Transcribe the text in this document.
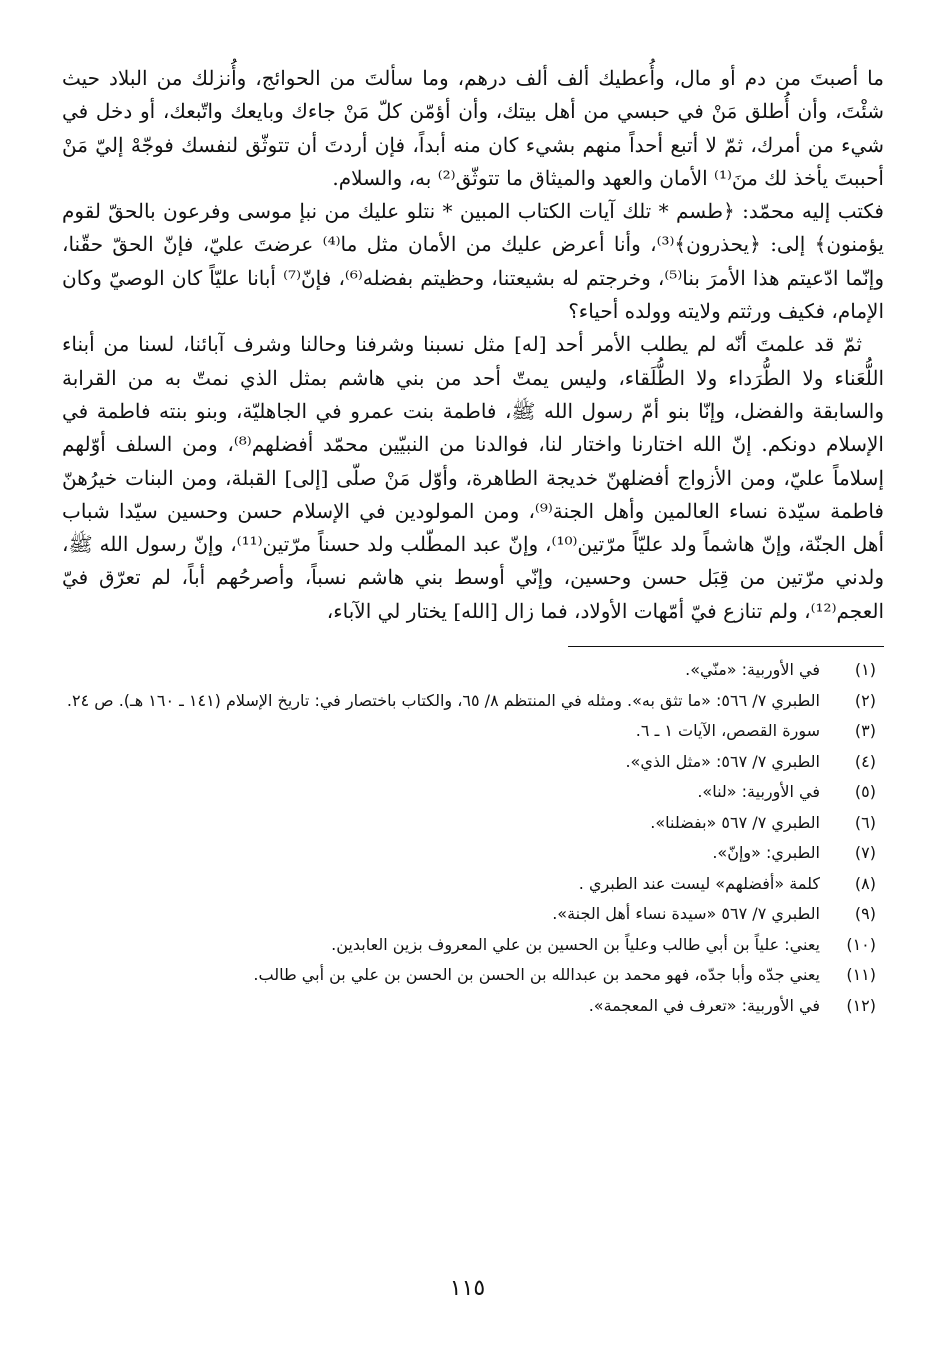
ما أصبتَ من دم أو مال، وأُعطيك ألف ألف درهم، وما سألتَ من الحوائج، وأُنزلك من البلاد حيث شئْتَ، وأن أُطلق مَنْ في حبسي من أهل بيتك، وأن أؤمّن كلّ مَنْ جاءك وبايعك واتّبعك، أو دخل في شيء من أمرك، ثمّ لا أتبع أحداً منهم بشيء كان منه أبداً، فإن أردتَ أن تتوثّق لنفسك فوجّهْ إليّ مَنْ أحببتَ يأخذ لك منَ⁽¹⁾ الأمان والعهد والميثاق ما تتوثّق⁽²⁾ به، والسلام.

فكتب إليه محمّد: ﴿طسم * تلك آيات الكتاب المبين * نتلو عليك من نبإ موسى وفرعون بالحقّ لقوم يؤمنون﴾ إلى: ﴿يحذرون﴾⁽³⁾، وأنا أعرض عليك من الأمان مثل ما⁽⁴⁾ عرضتَ عليّ، فإنّ الحقّ حقّنا، وإنّما ادّعيتم هذا الأمرَ بنا⁽⁵⁾، وخرجتم له بشيعتنا، وحظيتم بفضله⁽⁶⁾، فإنّ⁽⁷⁾ أبانا عليّاً كان الوصيّ وكان الإمام، فكيف ورثتم ولايته وولده أحياء؟

ثمّ قد علمتَ أنّه لم يطلب الأمر أحد [له] مثل نسبنا وشرفنا وحالنا وشرف آبائنا، لسنا من أبناء اللُّعَناء ولا الطُّرَداء ولا الطُّلَقاء، وليس يمتّ أحد من بني هاشم بمثل الذي نمتّ به من القرابة والسابقة والفضل، وإنّا بنو أمّ رسول الله ﷺ، فاطمة بنت عمرو في الجاهليّة، وبنو بنته فاطمة في الإسلام دونكم. إنّ الله اختارنا واختار لنا، فوالدنا من النبيّين محمّد أفضلهم⁽⁸⁾، ومن السلف أوّلهم إسلاماً عليّ، ومن الأزواج أفضلهنّ خديجة الطاهرة، وأوّل مَنْ صلّى [إلى] القبلة، ومن البنات خيرُهنّ فاطمة سيّدة نساء العالمين وأهل الجنة⁽⁹⁾، ومن المولودين في الإسلام حسن وحسين سيّدا شباب أهل الجنّة، وإنّ هاشماً ولد عليّاً مرّتين⁽¹⁰⁾، وإنّ عبد المطّلب ولد حسناً مرّتين⁽¹¹⁾، وإنّ رسول الله ﷺ، ولدني مرّتين من قِبَل حسن وحسين، وإنّي أوسط بني هاشم نسباً، وأصرحُهم أباً، لم تعرّق فيّ العجم⁽¹²⁾، ولم تنازع فيّ أمّهات الأولاد، فما زال [الله] يختار لي الآباء،

(١)
في الأوربية: «منّي».
(٢)
الطبري ٧/ ٥٦٦: «ما تثق به». ومثله في المنتظم ٨/ ٦٥، والكتاب باختصار في: تاريخ الإسلام (١٤١ ـ ١٦٠ هـ). ص ٢٤.
(٣)
سورة القصص، الآيات ١ ـ ٦.
(٤)
الطبري ٧/ ٥٦٧: «مثل الذي».
(٥)
في الأوربية: «لنا».
(٦)
الطبري ٧/ ٥٦٧ «بفضلنا».
(٧)
الطبري: «وإنّ».
(٨)
كلمة «أفضلهم» ليست عند الطبري .
(٩)
الطبري ٧/ ٥٦٧ «سيدة نساء أهل الجنة».
(١٠)
يعني: علياً بن أبي طالب وعلياً بن الحسين بن علي المعروف بزين العابدين.
(١١)
يعني جدّه وأبا جدّه، فهو محمد بن عبدالله بن الحسن بن الحسن بن علي بن أبي طالب.
(١٢)
في الأوربية: «تعرف في المعجمة».
١١٥
